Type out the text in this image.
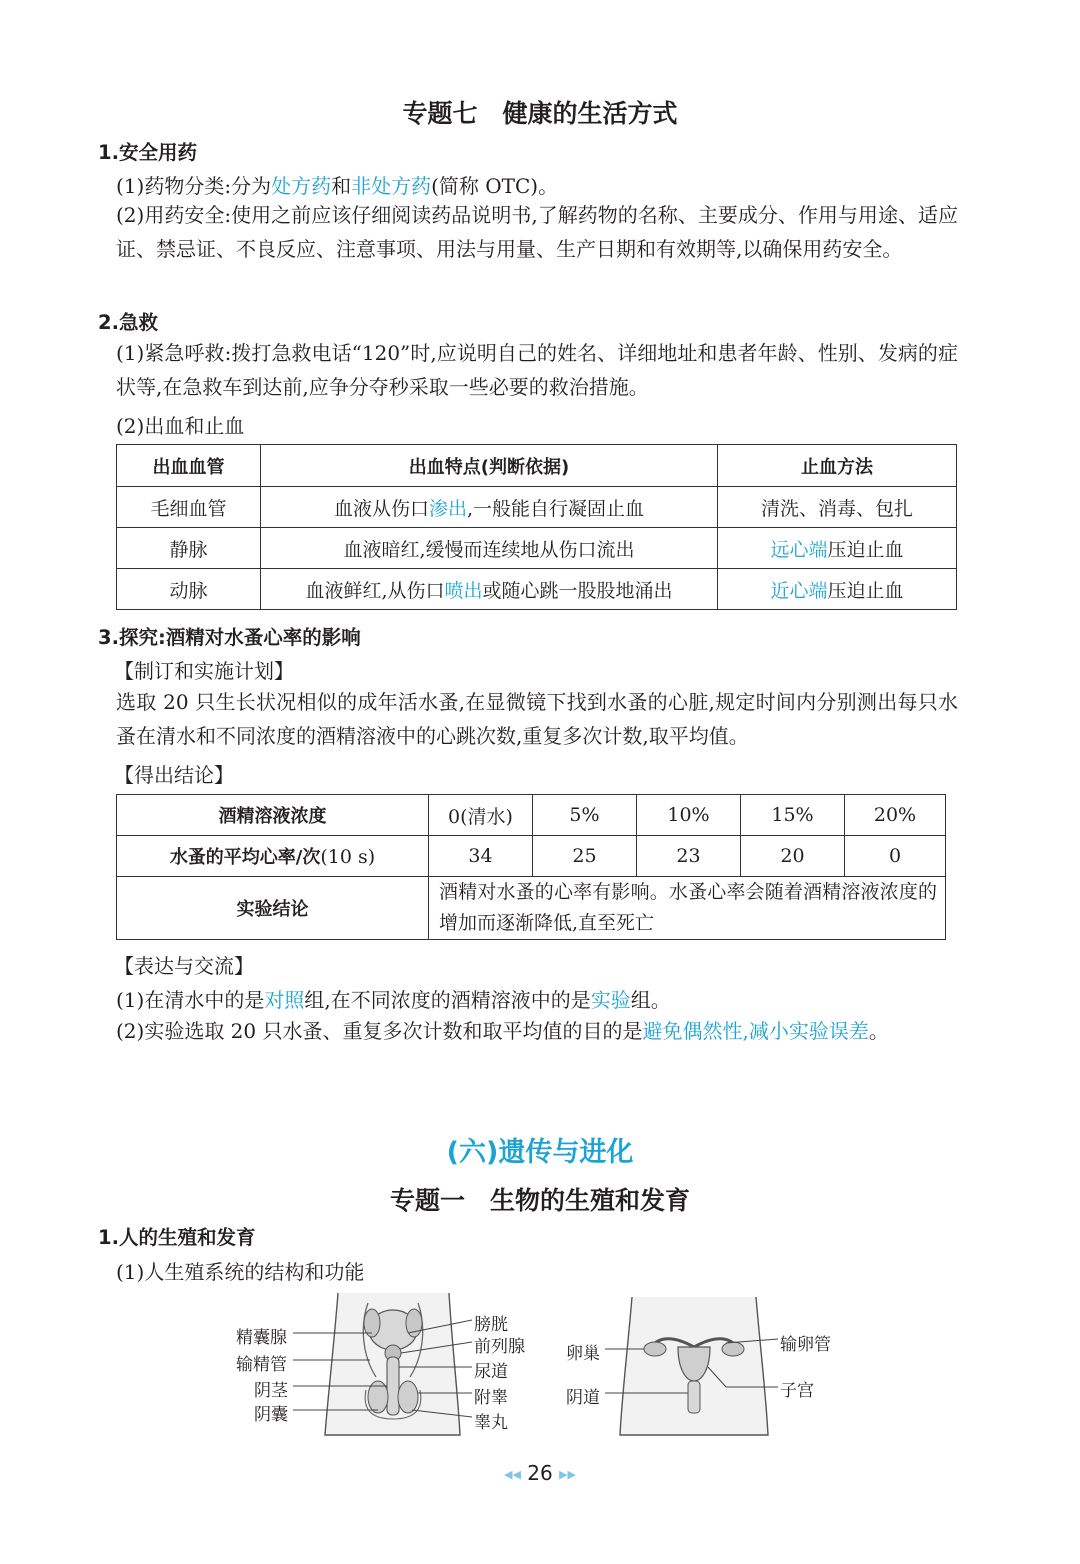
专题七　健康的生活方式
1.安全用药
(1)药物分类:分为处方药和非处方药(简称 OTC)。
(2)用药安全:使用之前应该仔细阅读药品说明书,了解药物的名称、主要成分、作用与用途、适应证、禁忌证、不良反应、注意事项、用法与用量、生产日期和有效期等,以确保用药安全。
2.急救
(1)紧急呼救:拨打急救电话“120”时,应说明自己的姓名、详细地址和患者年龄、性别、发病的症状等,在急救车到达前,应争分夺秒采取一些必要的救治措施。
(2)出血和止血
出血血管	出血特点(判断依据)	止血方法
毛细血管	血液从伤口渗出,一般能自行凝固止血	清洗、消毒、包扎
静脉	血液暗红,缓慢而连续地从伤口流出	远心端压迫止血
动脉	血液鲜红,从伤口喷出或随心跳一股股地涌出	近心端压迫止血
3.探究:酒精对水蚤心率的影响
【制订和实施计划】
选取 20 只生长状况相似的成年活水蚤,在显微镜下找到水蚤的心脏,规定时间内分别测出每只水蚤在清水和不同浓度的酒精溶液中的心跳次数,重复多次计数,取平均值。
【得出结论】
酒精溶液浓度	0(清水)	5%	10%	15%	20%
水蚤的平均心率/次(10 s)	34	25	23	20	0
实验结论	酒精对水蚤的心率有影响。水蚤心率会随着酒精溶液浓度的增加而逐渐降低,直至死亡				
【表达与交流】
(1)在清水中的是对照组,在不同浓度的酒精溶液中的是实验组。
(2)实验选取 20 只水蚤、重复多次计数和取平均值的目的是避免偶然性,减小实验误差。
(六)遗传与进化
专题一　生物的生殖和发育
1.人的生殖和发育
(1)人生殖系统的结构和功能
精囊腺
输精管
阴茎
阴囊
膀胱
前列腺
尿道
附睾
睾丸
卵巢
阴道
输卵管
子宫
◀◀ 26 ▶▶
